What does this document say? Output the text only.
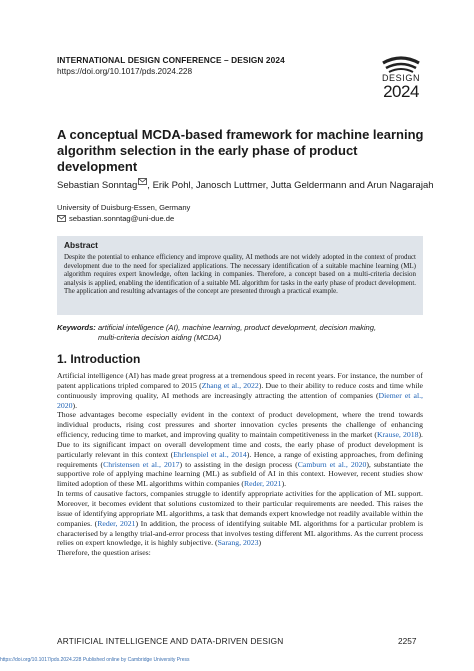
INTERNATIONAL DESIGN CONFERENCE – DESIGN 2024
https://doi.org/10.1017/pds.2024.228
DESIGN
2024
A conceptual MCDA-based framework for machine learning algorithm selection in the early phase of product development
Sebastian Sonntag , Erik Pohl, Janosch Luttmer, Jutta Geldermann and Arun Nagarajah
University of Duisburg-Essen, Germany
sebastian.sonntag@uni-due.de
Abstract
Despite the potential to enhance efficiency and improve quality, AI methods are not widely adopted in the context of product development due to the need for specialized applications. The necessary identification of a suitable machine learning (ML) algorithm requires expert knowledge, often lacking in companies. Therefore, a concept based on a multi-criteria decision analysis is applied, enabling the identification of a suitable ML algorithm for tasks in the early phase of product development. The application and resulting advantages of the concept are presented through a practical example.
Keywords: artificial intelligence (AI), machine learning, product development, decision making,
multi-criteria decision aiding (MCDA)
1. Introduction

Artificial intelligence (AI) has made great progress at a tremendous speed in recent years. For instance, the number of patent applications tripled compared to 2015 (Zhang et al., 2022). Due to their ability to reduce costs and time while continuously improving quality, AI methods are increasingly attracting the attention of companies (Diemer et al., 2020).

Those advantages become especially evident in the context of product development, where the trend towards individual products, rising cost pressures and shorter innovation cycles presents the challenge of enhancing efficiency, reducing time to market, and improving quality to maintain competitiveness in the market (Krause, 2018). Due to its significant impact on overall development time and costs, the early phase of product development is particularly relevant in this context (Ehrlenspiel et al., 2014). Hence, a range of existing approaches, from defining requirements (Christensen et al., 2017) to assisting in the design process (Camburn et al., 2020), substantiate the supportive role of applying machine learning (ML) as subfield of AI in this context. However, recent studies show limited adoption of these ML algorithms within companies (Reder, 2021).

In terms of causative factors, companies struggle to identify appropriate activities for the application of ML support. Moreover, it becomes evident that solutions customized to their particular requirements are needed. This raises the issue of identifying appropriate ML algorithms, a task that demands expert knowledge not readily available within the companies. (Reder, 2021) In addition, the process of identifying suitable ML algorithms for a particular problem is characterised by a lengthy trial-and-error process that involves testing different ML algorithms. As the current process relies on expert knowledge, it is highly subjective. (Sarang, 2023)

Therefore, the question arises:

ARTIFICIAL INTELLIGENCE AND DATA-DRIVEN DESIGN	2257
https://doi.org/10.1017/pds.2024.228 Published online by Cambridge University Press
